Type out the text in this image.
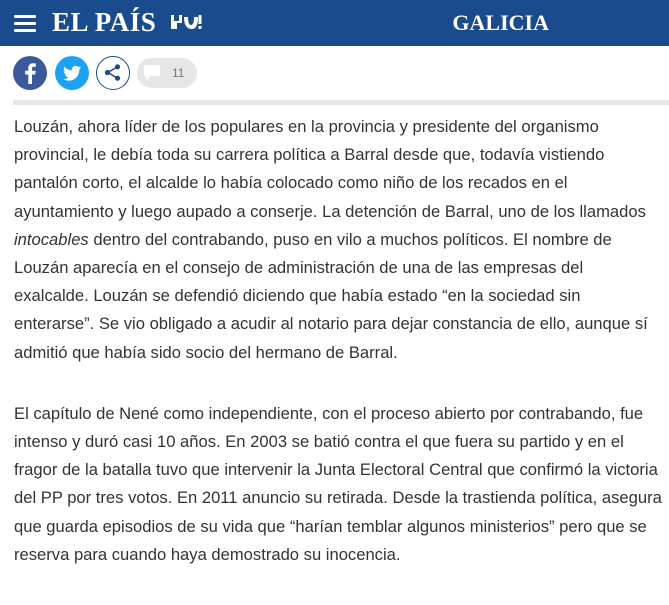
EL PAÍS	GALICIA
11

Louzán, ahora líder de los populares en la provincia y presidente del organismo provincial, le debía toda su carrera política a Barral desde que, todavía vistiendo pantalón corto, el alcalde lo había colocado como niño de los recados en el ayuntamiento y luego aupado a conserje. La detención de Barral, uno de los llamados intocables dentro del contrabando, puso en vilo a muchos políticos. El nombre de Louzán aparecía en el consejo de administración de una de las empresas del exalcalde. Louzán se defendió diciendo que había estado “en la sociedad sin enterarse”. Se vio obligado a acudir al notario para dejar constancia de ello, aunque sí admitió que había sido socio del hermano de Barral.

El capítulo de Nené como independiente, con el proceso abierto por contrabando, fue intenso y duró casi 10 años. En 2003 se batió contra el que fuera su partido y en el fragor de la batalla tuvo que intervenir la Junta Electoral Central que confirmó la victoria del PP por tres votos. En 2011 anuncio su retirada. Desde la trastienda política, asegura que guarda episodios de su vida que “harían temblar algunos ministerios” pero que se reserva para cuando haya demostrado su inocencia.
